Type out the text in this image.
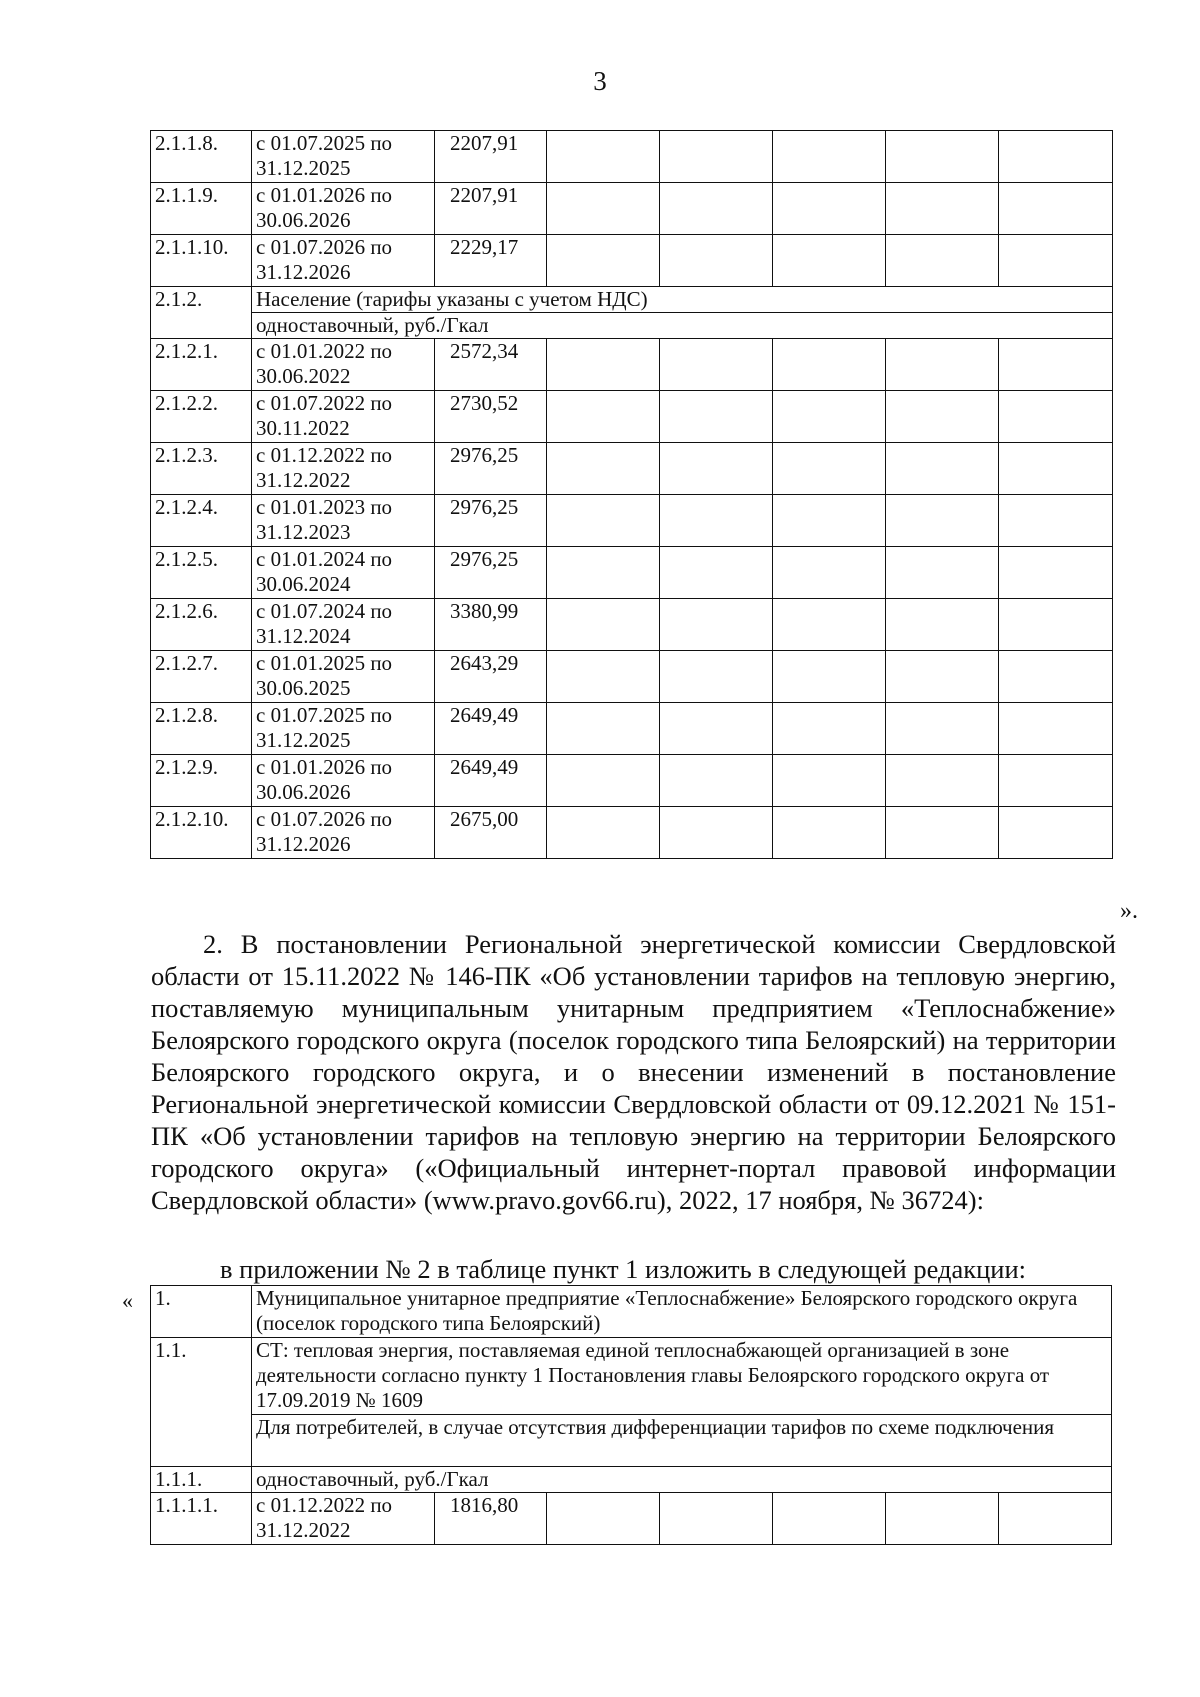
3
2.1.1.8.	с 01.07.2025 по
31.12.2025	2207,91					
2.1.1.9.	с 01.01.2026 по
30.06.2026	2207,91					
2.1.1.10.	с 01.07.2026 по
31.12.2026	2229,17					
2.1.2.	Население (тарифы указаны с учетом НДС)						
	одноставочный, руб./Гкал						
2.1.2.1.	с 01.01.2022 по
30.06.2022	2572,34					
2.1.2.2.	с 01.07.2022 по
30.11.2022	2730,52					
2.1.2.3.	с 01.12.2022 по
31.12.2022	2976,25					
2.1.2.4.	с 01.01.2023 по
31.12.2023	2976,25					
2.1.2.5.	с 01.01.2024 по
30.06.2024	2976,25					
2.1.2.6.	с 01.07.2024 по
31.12.2024	3380,99					
2.1.2.7.	с 01.01.2025 по
30.06.2025	2643,29					
2.1.2.8.	с 01.07.2025 по
31.12.2025	2649,49					
2.1.2.9.	с 01.01.2026 по
30.06.2026	2649,49					
2.1.2.10.	с 01.07.2026 по
31.12.2026	2675,00					
».
2. В постановлении Региональной энергетической комиссии Свердловской области от 15.11.2022 № 146-ПК «Об установлении тарифов на тепловую энергию, поставляемую муниципальным унитарным предприятием «Теплоснабжение» Белоярского городского округа (поселок городского типа Белоярский) на территории Белоярского городского округа, и о внесении изменений в постановление Региональной энергетической комиссии Свердловской области от 09.12.2021 № 151-ПК «Об установлении тарифов на тепловую энергию на территории Белоярского городского округа» («Официальный интернет-портал правовой информации Свердловской области» (www.pravo.gov66.ru), 2022, 17 ноября, № 36724):
в приложении № 2 в таблице пункт 1 изложить в следующей редакции:
« 1.	Муниципальное унитарное предприятие «Теплоснабжение» Белоярского городского округа (поселок городского типа Белоярский)						
1.1.	СТ: тепловая энергия, поставляемая единой теплоснабжающей организацией в зоне деятельности согласно пункту 1 Постановления главы Белоярского городского округа от 17.09.2019 № 1609						
	Для потребителей, в случае отсутствия дифференциации тарифов по схеме подключения						
1.1.1.	одноставочный, руб./Гкал						
1.1.1.1.	с 01.12.2022 по
31.12.2022	1816,80					
